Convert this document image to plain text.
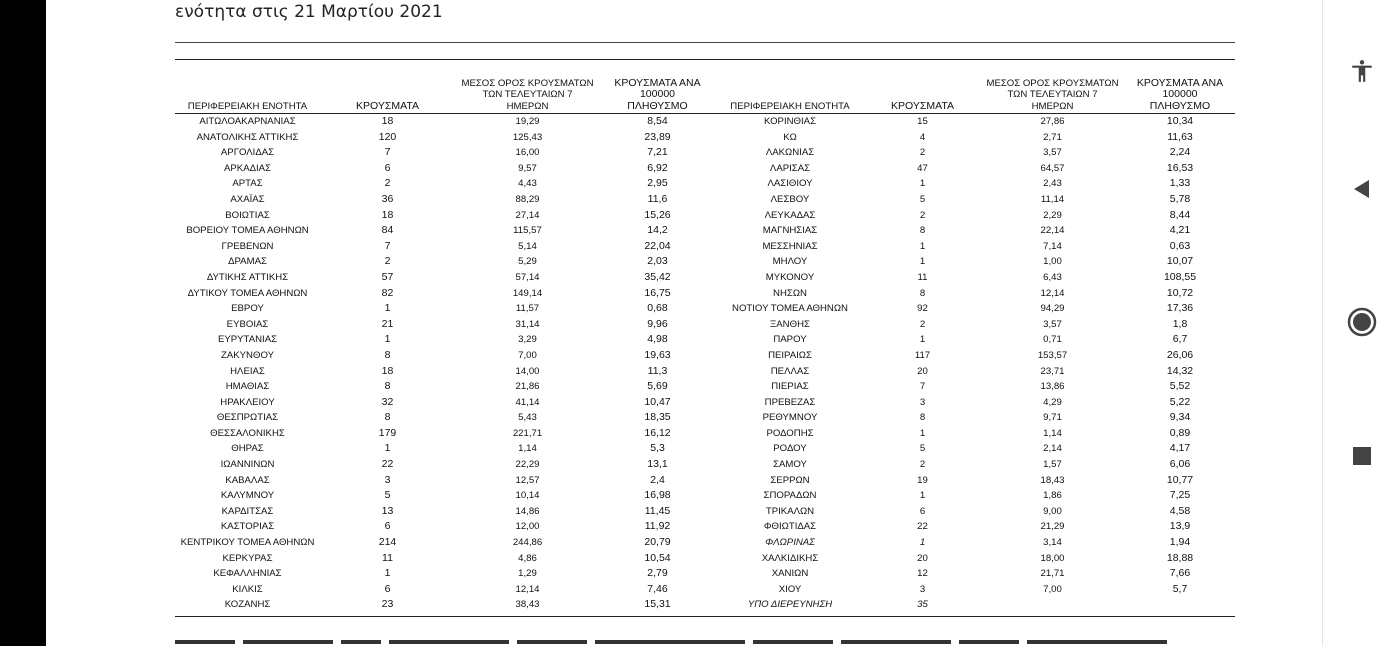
ενότητα στις 21 Μαρτίου 2021
ΠΕΡΙΦΕΡΕΙΑΚΗ ΕΝΟΤΗΤΑ	ΚΡΟΥΣΜΑΤΑ	ΜΕΣΟΣ ΟΡΟΣ ΚΡΟΥΣΜΑΤΩΝ
ΤΩΝ ΤΕΛΕΥΤΑΙΩΝ 7
ΗΜΕΡΩΝ	ΚΡΟΥΣΜΑΤΑ ΑΝΑ 100000
ΠΛΗΘΥΣΜΟ	ΠΕΡΙΦΕΡΕΙΑΚΗ ΕΝΟΤΗΤΑ	ΚΡΟΥΣΜΑΤΑ	ΜΕΣΟΣ ΟΡΟΣ ΚΡΟΥΣΜΑΤΩΝ
ΤΩΝ ΤΕΛΕΥΤΑΙΩΝ 7
ΗΜΕΡΩΝ	ΚΡΟΥΣΜΑΤΑ ΑΝΑ 100000
ΠΛΗΘΥΣΜΟ
ΑΙΤΩΛΟΑΚΑΡΝΑΝΙΑΣ	18	19,29	8,54	ΚΟΡΙΝΘΙΑΣ	15	27,86	10,34
ΑΝΑΤΟΛΙΚΗΣ ΑΤΤΙΚΗΣ	120	125,43	23,89	ΚΩ	4	2,71	11,63
ΑΡΓΟΛΙΔΑΣ	7	16,00	7,21	ΛΑΚΩΝΙΑΣ	2	3,57	2,24
ΑΡΚΑΔΙΑΣ	6	9,57	6,92	ΛΑΡΙΣΑΣ	47	64,57	16,53
ΑΡΤΑΣ	2	4,43	2,95	ΛΑΣΙΘΙΟΥ	1	2,43	1,33
ΑΧΑΪΑΣ	36	88,29	11,6	ΛΕΣΒΟΥ	5	11,14	5,78
ΒΟΙΩΤΙΑΣ	18	27,14	15,26	ΛΕΥΚΑΔΑΣ	2	2,29	8,44
ΒΟΡΕΙΟΥ ΤΟΜΕΑ ΑΘΗΝΩΝ	84	115,57	14,2	ΜΑΓΝΗΣΙΑΣ	8	22,14	4,21
ΓΡΕΒΕΝΩΝ	7	5,14	22,04	ΜΕΣΣΗΝΙΑΣ	1	7,14	0,63
ΔΡΑΜΑΣ	2	5,29	2,03	ΜΗΛΟΥ	1	1,00	10,07
ΔΥΤΙΚΗΣ ΑΤΤΙΚΗΣ	57	57,14	35,42	ΜΥΚΟΝΟΥ	11	6,43	108,55
ΔΥΤΙΚΟΥ ΤΟΜΕΑ ΑΘΗΝΩΝ	82	149,14	16,75	ΝΗΣΩΝ	8	12,14	10,72
ΕΒΡΟΥ	1	11,57	0,68	ΝΟΤΙΟΥ ΤΟΜΕΑ ΑΘΗΝΩΝ	92	94,29	17,36
ΕΥΒΟΙΑΣ	21	31,14	9,96	ΞΑΝΘΗΣ	2	3,57	1,8
ΕΥΡΥΤΑΝΙΑΣ	1	3,29	4,98	ΠΑΡΟΥ	1	0,71	6,7
ΖΑΚΥΝΘΟΥ	8	7,00	19,63	ΠΕΙΡΑΙΩΣ	117	153,57	26,06
ΗΛΕΙΑΣ	18	14,00	11,3	ΠΕΛΛΑΣ	20	23,71	14,32
ΗΜΑΘΙΑΣ	8	21,86	5,69	ΠΙΕΡΙΑΣ	7	13,86	5,52
ΗΡΑΚΛΕΙΟΥ	32	41,14	10,47	ΠΡΕΒΕΖΑΣ	3	4,29	5,22
ΘΕΣΠΡΩΤΙΑΣ	8	5,43	18,35	ΡΕΘΥΜΝΟΥ	8	9,71	9,34
ΘΕΣΣΑΛΟΝΙΚΗΣ	179	221,71	16,12	ΡΟΔΟΠΗΣ	1	1,14	0,89
ΘΗΡΑΣ	1	1,14	5,3	ΡΟΔΟΥ	5	2,14	4,17
ΙΩΑΝΝΙΝΩΝ	22	22,29	13,1	ΣΑΜΟΥ	2	1,57	6,06
ΚΑΒΑΛΑΣ	3	12,57	2,4	ΣΕΡΡΩΝ	19	18,43	10,77
ΚΑΛΥΜΝΟΥ	5	10,14	16,98	ΣΠΟΡΑΔΩΝ	1	1,86	7,25
ΚΑΡΔΙΤΣΑΣ	13	14,86	11,45	ΤΡΙΚΑΛΩΝ	6	9,00	4,58
ΚΑΣΤΟΡΙΑΣ	6	12,00	11,92	ΦΘΙΩΤΙΔΑΣ	22	21,29	13,9
ΚΕΝΤΡΙΚΟΥ ΤΟΜΕΑ ΑΘΗΝΩΝ	214	244,86	20,79	ΦΛΩΡΙΝΑΣ	1	3,14	1,94
ΚΕΡΚΥΡΑΣ	11	4,86	10,54	ΧΑΛΚΙΔΙΚΗΣ	20	18,00	18,88
ΚΕΦΑΛΛΗΝΙΑΣ	1	1,29	2,79	ΧΑΝΙΩΝ	12	21,71	7,66
ΚΙΛΚΙΣ	6	12,14	7,46	ΧΙΟΥ	3	7,00	5,7
ΚΟΖΑΝΗΣ	23	38,43	15,31	ΥΠΟ ΔΙΕΡΕΥΝΗΣΗ	35		
